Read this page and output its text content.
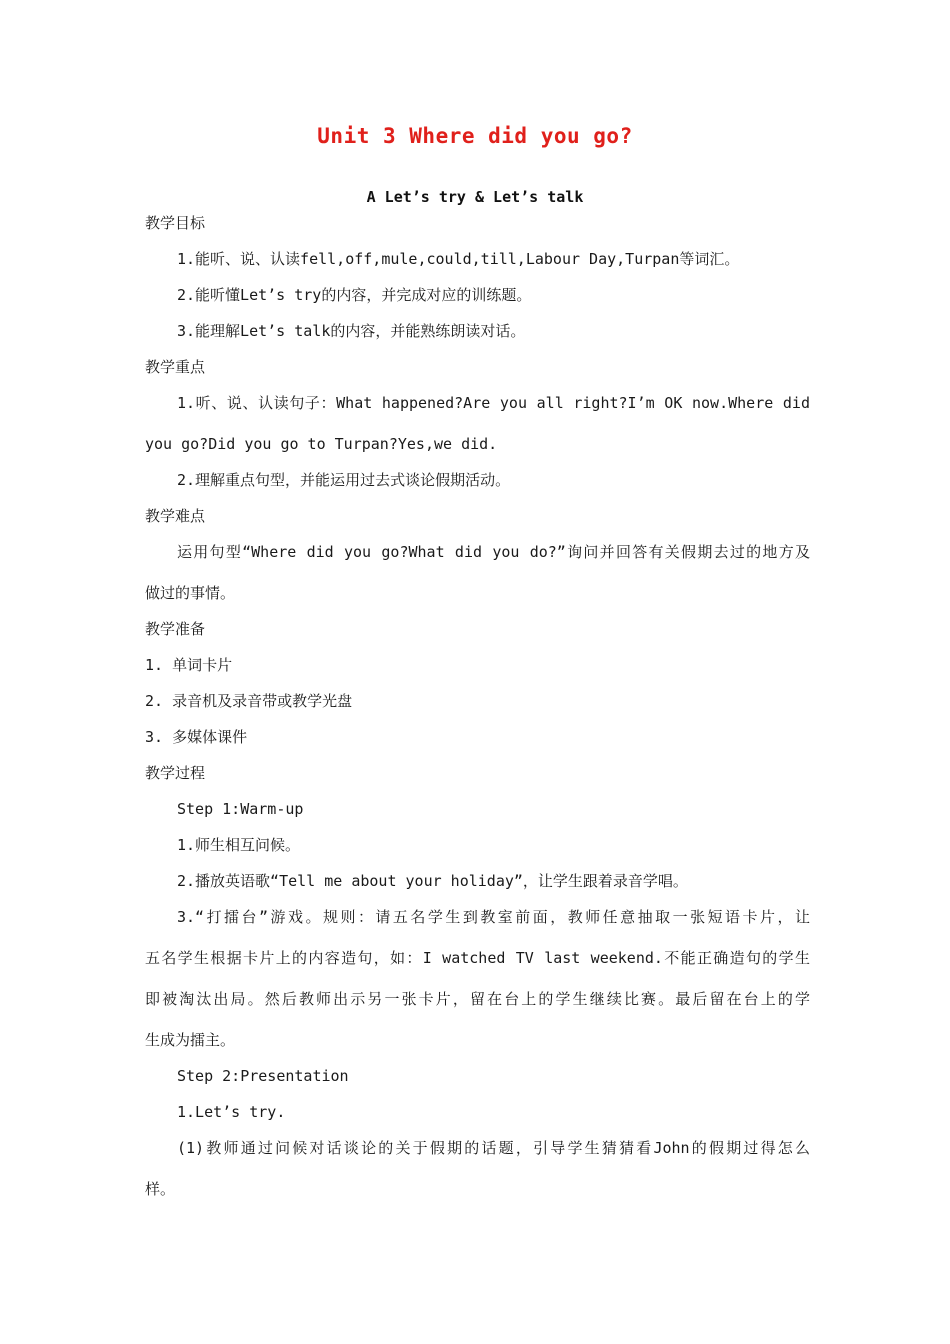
Unit 3 Where did you go?
A Let’s try & Let’s talk
教学目标
1.能听、说、认读fell,off,mule,could,till,Labour Day,Turpan等词汇。
2.能听懂Let’s try的内容，并完成对应的训练题。
3.能理解Let’s talk的内容，并能熟练朗读对话。
教学重点
1.听、说、认读句子：What happened?Are you all right?I’m OK now.Where did
you go?Did you go to Turpan?Yes,we did.
2.理解重点句型，并能运用过去式谈论假期活动。
教学难点
运用句型“Where did you go?What did you do?”询问并回答有关假期去过的地方及
做过的事情。
教学准备
1. 单词卡片
2. 录音机及录音带或教学光盘
3. 多媒体课件
教学过程
Step 1:Warm-up
1.师生相互问候。
2.播放英语歌“Tell me about your holiday”，让学生跟着录音学唱。
3.“打擂台”游戏。规则：请五名学生到教室前面，教师任意抽取一张短语卡片，让
五名学生根据卡片上的内容造句，如：I watched TV last weekend.不能正确造句的学生
即被淘汰出局。然后教师出示另一张卡片，留在台上的学生继续比赛。最后留在台上的学
生成为擂主。
Step 2:Presentation
1.Let’s try.
(1)教师通过问候对话谈论的关于假期的话题，引导学生猜猜看John的假期过得怎么
样。
